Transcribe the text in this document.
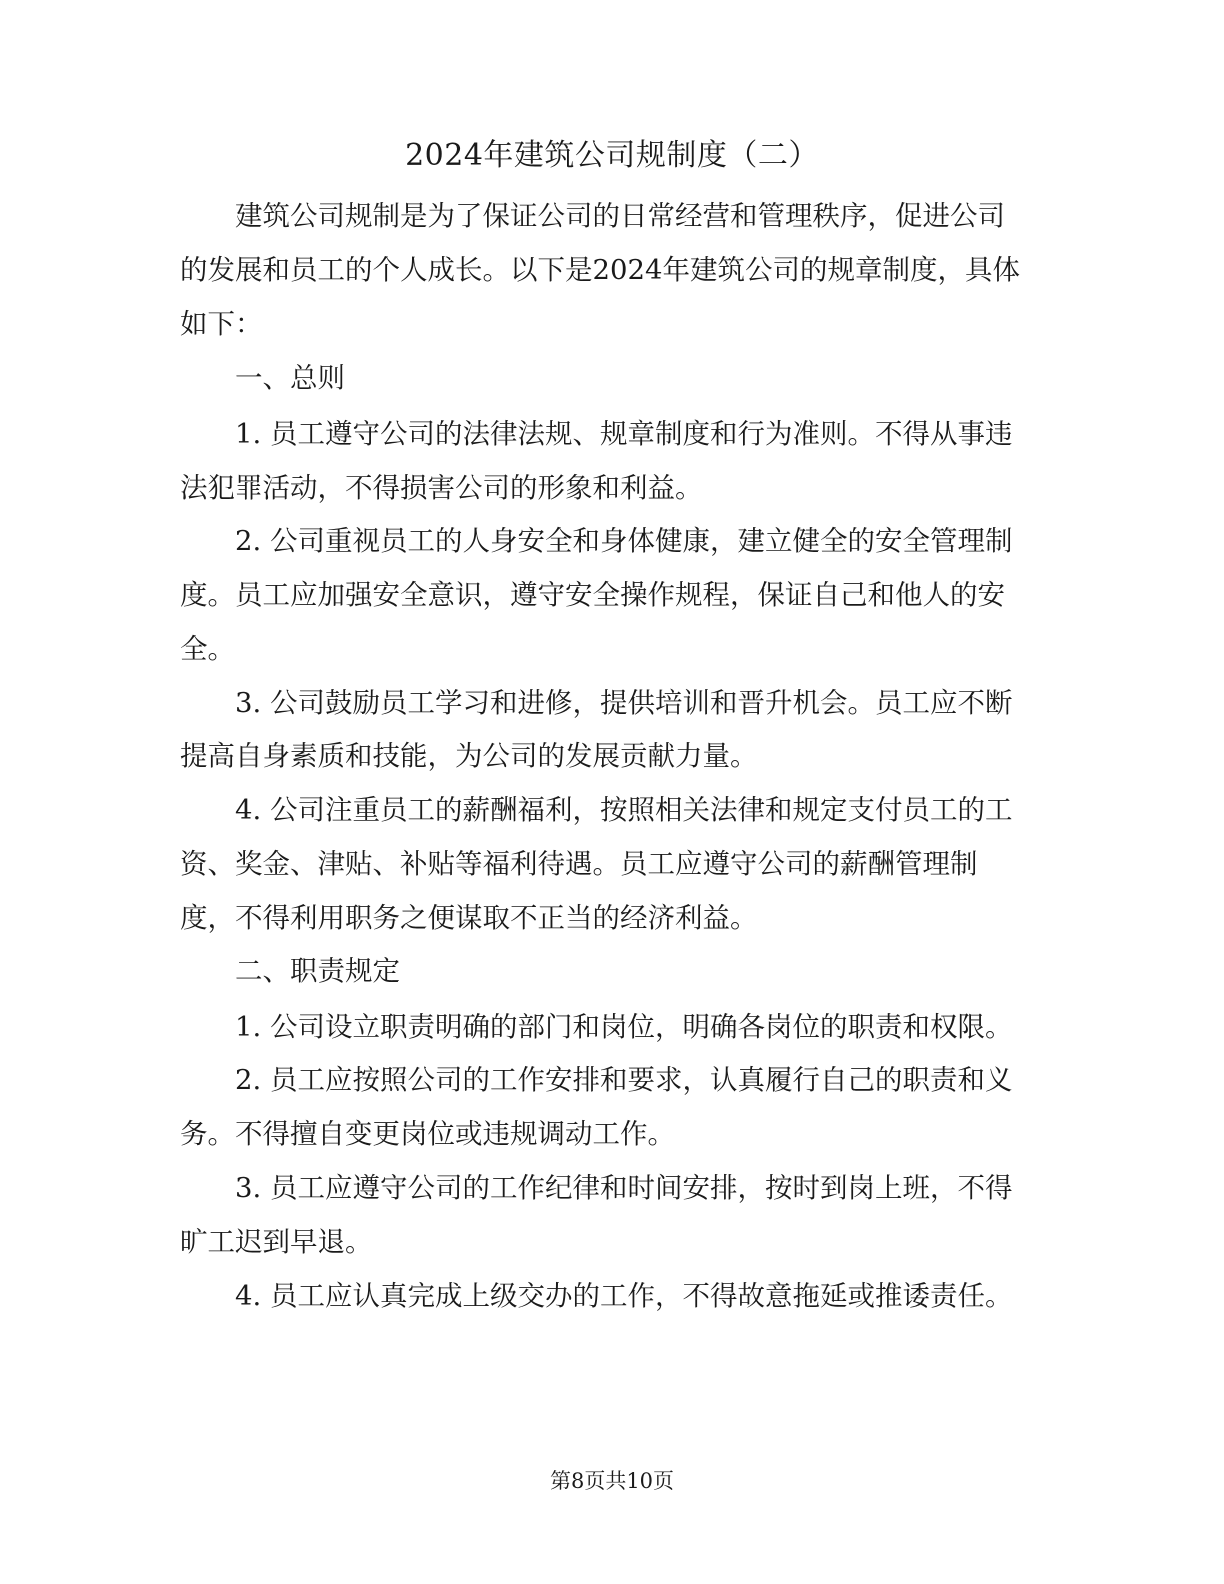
2024年建筑公司规制度（二）
　　建筑公司规制是为了保证公司的日常经营和管理秩序，促进公司
的发展和员工的个人成长。以下是2024年建筑公司的规章制度，具体
如下：
　　一、总则
　　1. 员工遵守公司的法律法规、规章制度和行为准则。不得从事违
法犯罪活动，不得损害公司的形象和利益。
　　2. 公司重视员工的人身安全和身体健康，建立健全的安全管理制
度。员工应加强安全意识，遵守安全操作规程，保证自己和他人的安
全。
　　3. 公司鼓励员工学习和进修，提供培训和晋升机会。员工应不断
提高自身素质和技能，为公司的发展贡献力量。
　　4. 公司注重员工的薪酬福利，按照相关法律和规定支付员工的工
资、奖金、津贴、补贴等福利待遇。员工应遵守公司的薪酬管理制
度，不得利用职务之便谋取不正当的经济利益。
　　二、职责规定
　　1. 公司设立职责明确的部门和岗位，明确各岗位的职责和权限。
　　2. 员工应按照公司的工作安排和要求，认真履行自己的职责和义
务。不得擅自变更岗位或违规调动工作。
　　3. 员工应遵守公司的工作纪律和时间安排，按时到岗上班，不得
旷工迟到早退。
　　4. 员工应认真完成上级交办的工作，不得故意拖延或推诿责任。
第8页共10页
